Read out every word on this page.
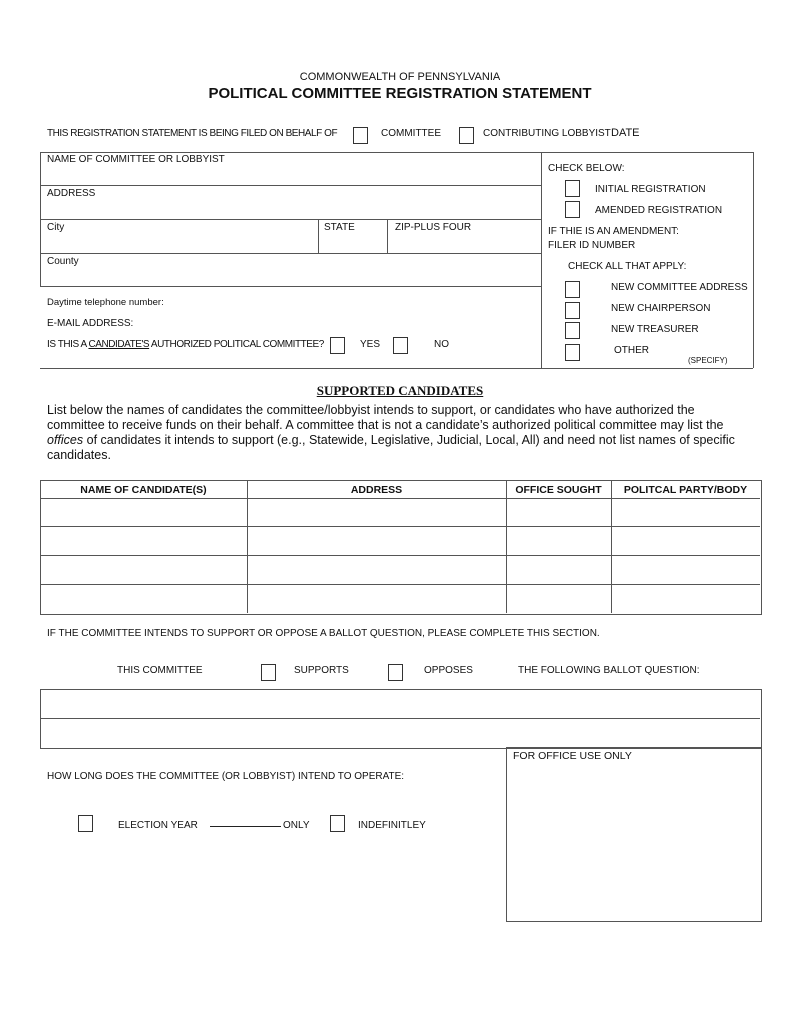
COMMONWEALTH OF PENNSYLVANIA
POLITICAL COMMITTEE REGISTRATION STATEMENT
THIS REGISTRATION STATEMENT IS BEING FILED ON BEHALF OF	COMMITTEE	CONTRIBUTING LOBBYIST DATE
NAME OF COMMITTEE OR LOBBYIST
ADDRESS
City	STATE	ZIP-PLUS FOUR
County
Daytime telephone number:
E-MAIL ADDRESS:
IS THIS A CANDIDATE'S AUTHORIZED POLITICAL COMMITTEE?	YES	NO
CHECK BELOW:
INITIAL REGISTRATION
AMENDED REGISTRATION
IF THIE IS AN AMENDMENT:
FILER ID NUMBER
CHECK ALL THAT APPLY:
NEW COMMITTEE ADDRESS
NEW CHAIRPERSON
NEW TREASURER
OTHER
(SPECIFY)
SUPPORTED CANDIDATES
List below the names of candidates the committee/lobbyist intends to support, or candidates who have authorized the committee to receive funds on their behalf. A committee that is not a candidate’s authorized political committee may list the offices of candidates it intends to support (e.g., Statewide, Legislative, Judicial, Local, All) and need not list names of specific candidates.
NAME OF CANDIDATE(S)	ADDRESS	OFFICE SOUGHT	POLITCAL PARTY/BODY
IF THE COMMITTEE INTENDS TO SUPPORT OR OPPOSE A BALLOT QUESTION, PLEASE COMPLETE THIS SECTION.
THIS COMMITTEE	SUPPORTS	OPPOSES	THE FOLLOWING BALLOT QUESTION:
FOR OFFICE USE ONLY
HOW LONG DOES THE COMMITTEE (OR LOBBYIST) INTEND TO OPERATE:
ELECTION YEAR	ONLY	INDEFINITLEY
